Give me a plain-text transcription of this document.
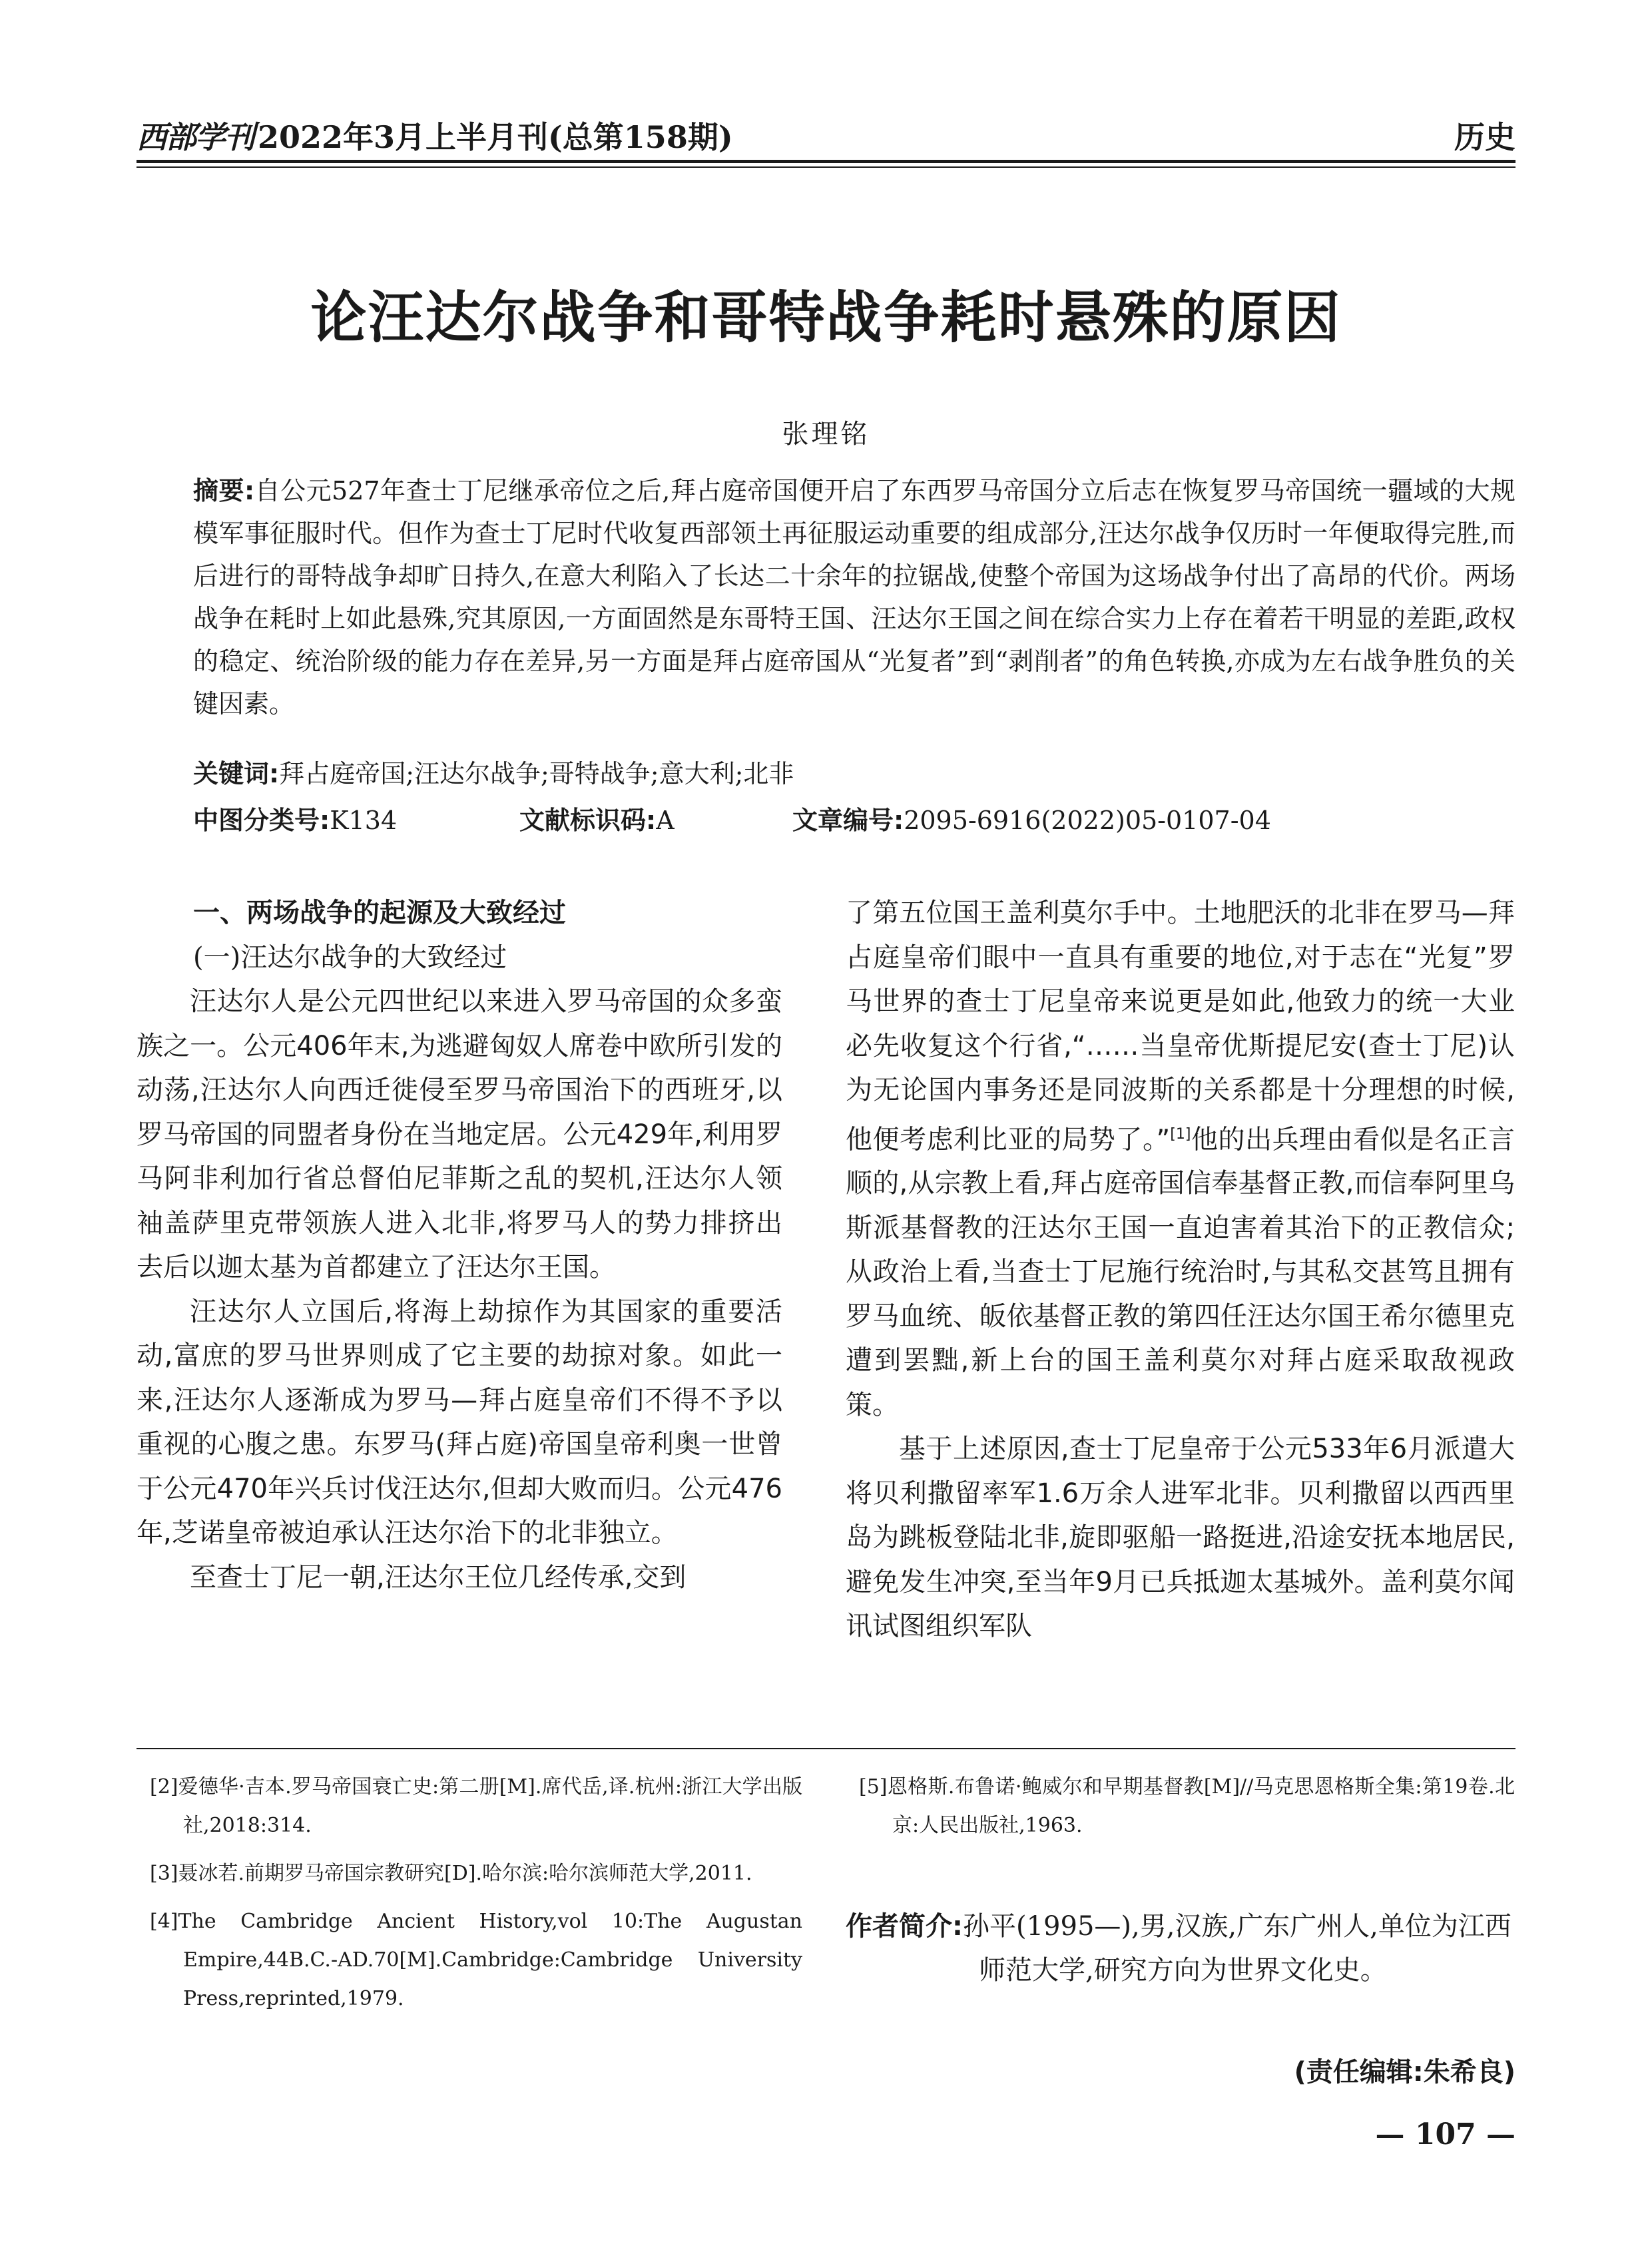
西部学刊 2022年3月上半月刊(总第158期)	历史
论汪达尔战争和哥特战争耗时悬殊的原因
张理铭
摘要:自公元527年查士丁尼继承帝位之后,拜占庭帝国便开启了东西罗马帝国分立后志在恢复罗马帝国统一疆域的大规模军事征服时代。但作为查士丁尼时代收复西部领土再征服运动重要的组成部分,汪达尔战争仅历时一年便取得完胜,而后进行的哥特战争却旷日持久,在意大利陷入了长达二十余年的拉锯战,使整个帝国为这场战争付出了高昂的代价。两场战争在耗时上如此悬殊,究其原因,一方面固然是东哥特王国、汪达尔王国之间在综合实力上存在着若干明显的差距,政权的稳定、统治阶级的能力存在差异,另一方面是拜占庭帝国从“光复者”到“剥削者”的角色转换,亦成为左右战争胜负的关键因素。
关键词:拜占庭帝国;汪达尔战争;哥特战争;意大利;北非
中图分类号: K134	文献标识码: A	文章编号: 2095-6916(2022)05-0107-04
一、两场战争的起源及大致经过
(一)汪达尔战争的大致经过

汪达尔人是公元四世纪以来进入罗马帝国的众多蛮族之一。公元406年末,为逃避匈奴人席卷中欧所引发的动荡,汪达尔人向西迁徙侵至罗马帝国治下的西班牙,以罗马帝国的同盟者身份在当地定居。公元429年,利用罗马阿非利加行省总督伯尼菲斯之乱的契机,汪达尔人领袖盖萨里克带领族人进入北非,将罗马人的势力排挤出去后以迦太基为首都建立了汪达尔王国。

汪达尔人立国后,将海上劫掠作为其国家的重要活动,富庶的罗马世界则成了它主要的劫掠对象。如此一来,汪达尔人逐渐成为罗马—拜占庭皇帝们不得不予以重视的心腹之患。东罗马(拜占庭)帝国皇帝利奥一世曾于公元470年兴兵讨伐汪达尔,但却大败而归。公元476年,芝诺皇帝被迫承认汪达尔治下的北非独立。

至查士丁尼一朝,汪达尔王位几经传承,交到

了第五位国王盖利莫尔手中。土地肥沃的北非在罗马—拜占庭皇帝们眼中一直具有重要的地位,对于志在“光复”罗马世界的查士丁尼皇帝来说更是如此,他致力的统一大业必先收复这个行省,“……当皇帝优斯提尼安(查士丁尼)认为无论国内事务还是同波斯的关系都是十分理想的时候,他便考虑利比亚的局势了。”[1]他的出兵理由看似是名正言顺的,从宗教上看,拜占庭帝国信奉基督正教,而信奉阿里乌斯派基督教的汪达尔王国一直迫害着其治下的正教信众;从政治上看,当查士丁尼施行统治时,与其私交甚笃且拥有罗马血统、皈依基督正教的第四任汪达尔国王希尔德里克遭到罢黜,新上台的国王盖利莫尔对拜占庭采取敌视政策。

基于上述原因,查士丁尼皇帝于公元533年6月派遣大将贝利撒留率军1.6万余人进军北非。贝利撒留以西西里岛为跳板登陆北非,旋即驱船一路挺进,沿途安抚本地居民,避免发生冲突,至当年9月已兵抵迦太基城外。盖利莫尔闻讯试图组织军队

[2]爱德华·吉本.罗马帝国衰亡史:第二册[M].席代岳,译.杭州:浙江大学出版社,2018:314.

[3]聂冰若.前期罗马帝国宗教研究[D].哈尔滨:哈尔滨师范大学,2011.

[4]The Cambridge Ancient History,vol 10:The Augustan Empire,44B.C.-AD.70[M].Cambridge:Cambridge University Press,reprinted,1979.

[5]恩格斯.布鲁诺·鲍威尔和早期基督教[M]//马克思恩格斯全集:第19卷.北京:人民出版社,1963.

作者简介:孙平(1995—),男,汉族,广东广州人,单位为江西师范大学,研究方向为世界文化史。

(责任编辑:朱希良)
— 107 —
